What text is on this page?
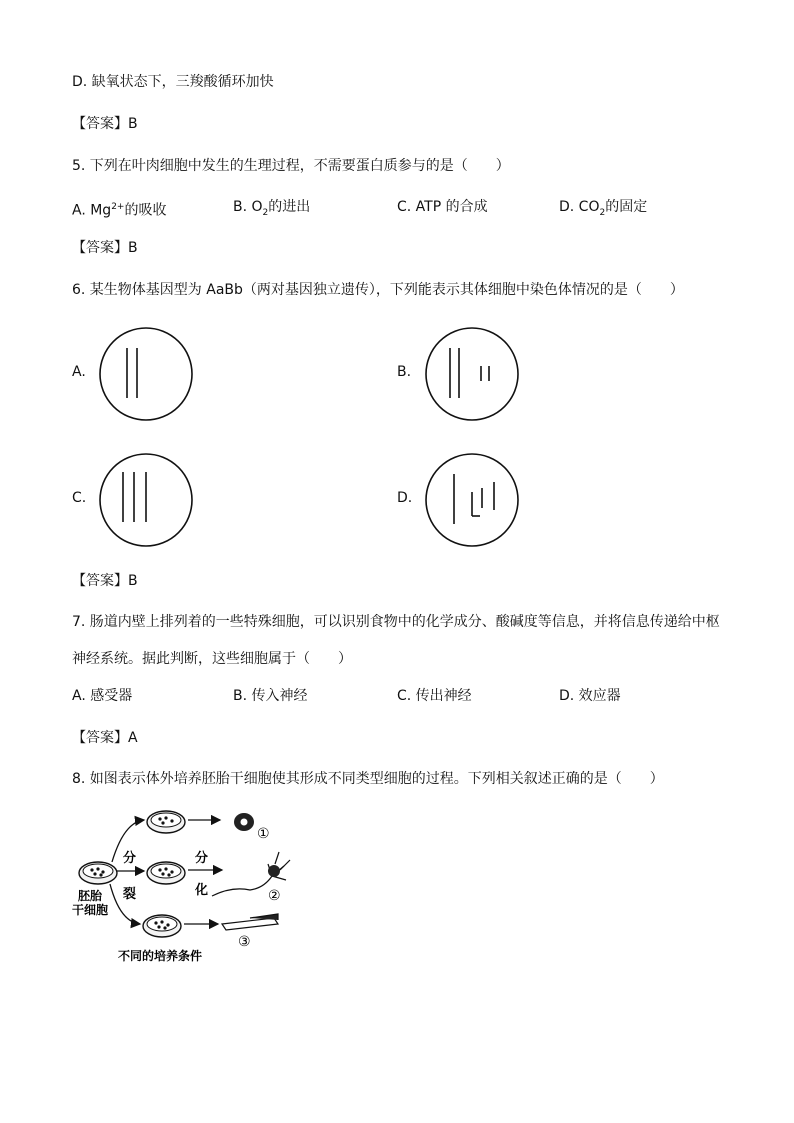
D. 缺氧状态下，三羧酸循环加快
【答案】B
5. 下列在叶肉细胞中发生的生理过程，不需要蛋白质参与的是（　　）
A. $Mg^{2+}$的吸收	B. $O_2$的进出	C. ATP 的合成	D. $CO_2$的固定
【答案】B
6. 某生物体基因型为 AaBb（两对基因独立遗传），下列能表示其体细胞中染色体情况的是（　　）
A.	B.
C.	D.
【答案】B
7. 肠道内壁上排列着的一些特殊细胞，可以识别食物中的化学成分、酸碱度等信息，并将信息传递给中枢
神经系统。据此判断，这些细胞属于（　　）
A. 感受器	B. 传入神经	C. 传出神经	D. 效应器
【答案】A
8. 如图表示体外培养胚胎干细胞使其形成不同类型细胞的过程。下列相关叙述正确的是（　　）
胚胎
干细胞
分
裂
①
分
化	②
③
不同的培养条件
